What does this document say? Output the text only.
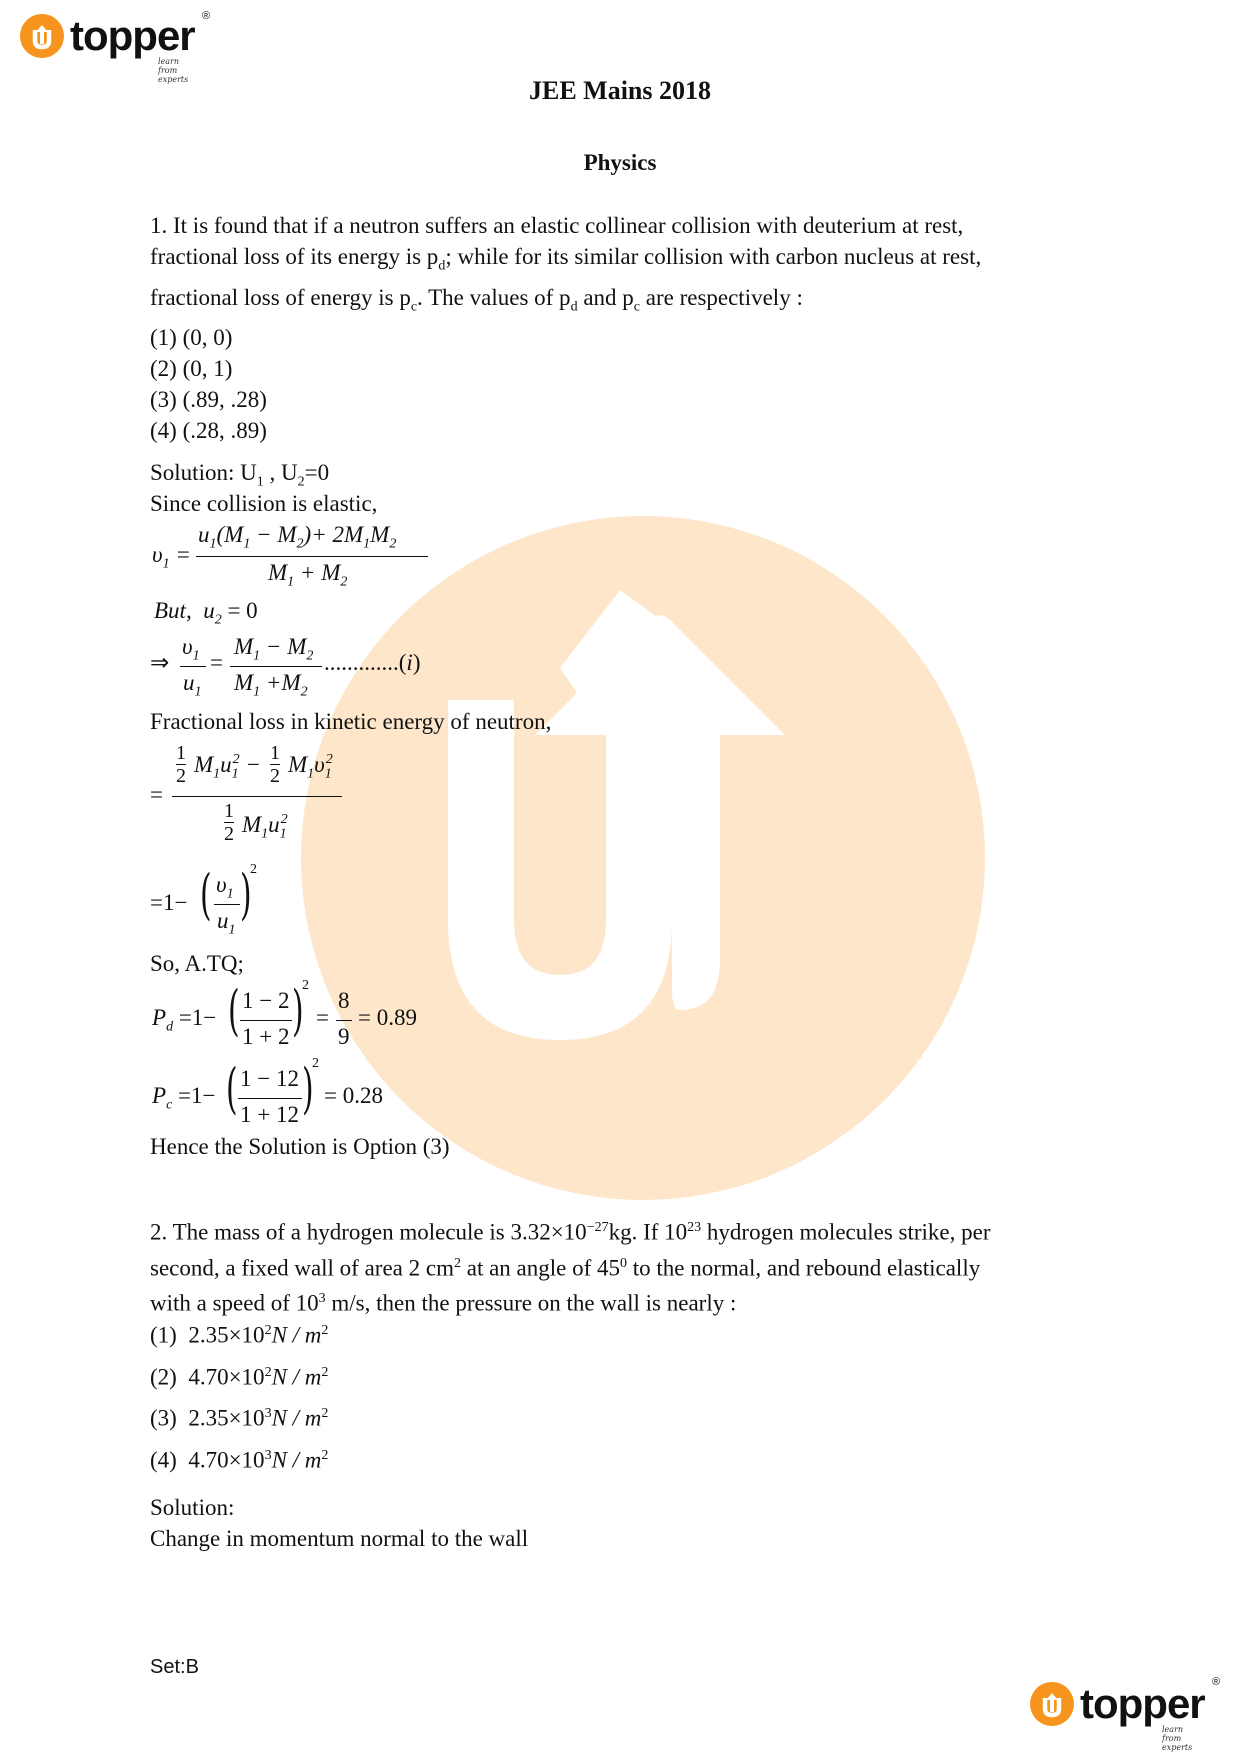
topper ®
learn from experts	JEE Mains 2018
Physics
1. It is found that if a neutron suffers an elastic collinear collision with deuterium at rest,
fractional loss of its energy is $p_d$; while for its similar collision with carbon nucleus at rest,
fractional loss of energy is $p_c$. The values of $p_d$ and $p_c$ are respectively :
(1) (0, 0)
(2) (0, 1)
(3) (.89, .28)
(4) (.28, .89)
Solution: $U_1$ , $U_2=0$
Since collision is elastic,
$\upsilon_1$ =
$u_1(M_1 - M_2)+ 2M_1M_2$
$M_1 + M_2$
But,  $u_2 = 0$
⇒
$\upsilon_1$
$u_1$
=
$M_1 - M_2$
$M_1 +M_2$
.............(i)
Fractional loss in kinetic energy of neutron,
=
1
2 $M_1u_1^2 - 1$
2 $M_1\upsilon_1^2$
1
2 $M_1u_1^2$
=1− ( $\upsilon_1$
$u_1$
)
2
So, A.TQ;
$P_d =1-$ ( 1 − 2
1 + 2 )
2
=
8
9
= 0.89
$P_c =1-$ ( 1 − 12
1 + 12 )
2
= 0.28
Hence the Solution is Option (3)
2. The mass of a hydrogen molecule is $3.32\times 10^{-27}kg$. If $10^{23}$ hydrogen molecules strike, per
second, a fixed wall of area 2 $cm^2$ at an angle of $45^0$ to the normal, and rebound elastically
with a speed of $10^3$ m/s, then the pressure on the wall is nearly :
(1) $2.35\times 10^2N / m^2$
(2) $4.70\times 10^2N / m^2$
(3) $2.35\times 10^3N / m^2$
(4) $4.70\times 10^3N / m^2$
Solution:
Change in momentum normal to the wall
Set:B
topper ®
learn from experts
